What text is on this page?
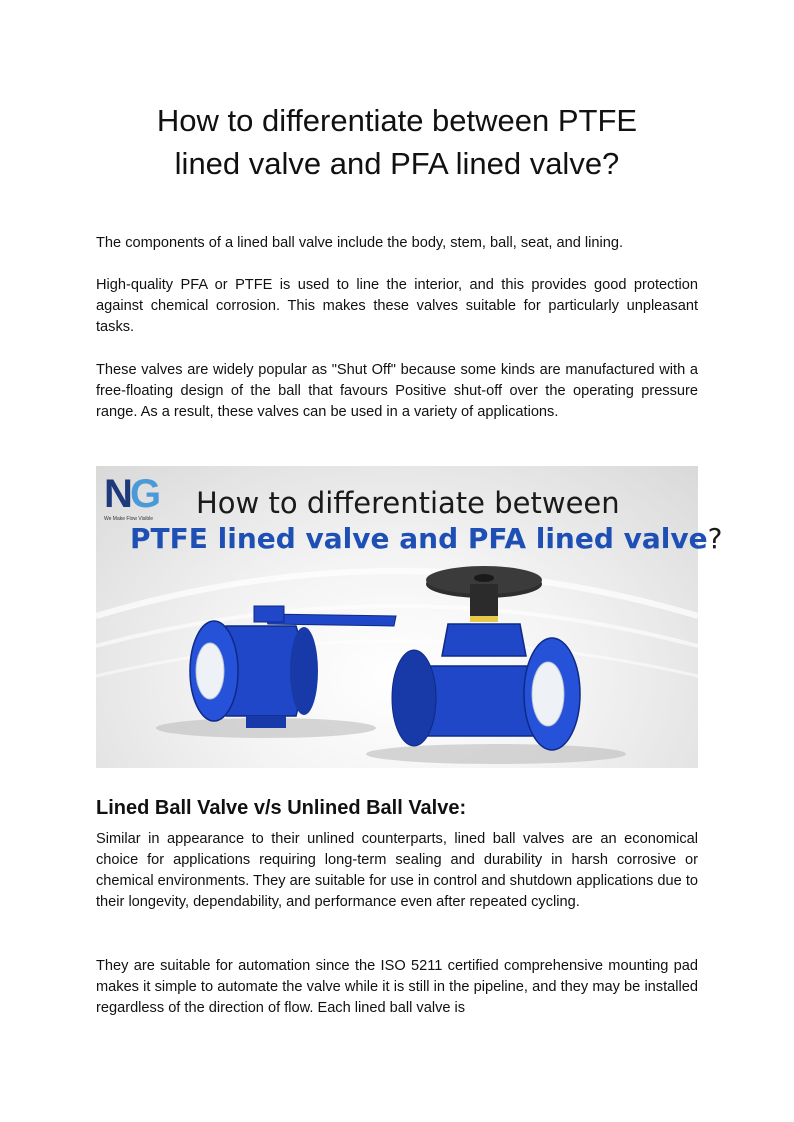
How to differentiate between PTFE
lined valve and PFA lined valve?

The components of a lined ball valve include the body, stem, ball, seat, and lining.

High-quality PFA or PTFE is used to line the interior, and this provides good protection against chemical corrosion. This makes these valves suitable for particularly unpleasant tasks.

These valves are widely popular as "Shut Off" because some kinds are manufactured with a free-floating design of the ball that favours Positive shut-off over the operating pressure range. As a result, these valves can be used in a variety of applications.

N
G
We Make Flow Visible How to differentiate between
PTFE lined valve and PFA lined valve?
Lined Ball Valve v/s Unlined Ball Valve:

Similar in appearance to their unlined counterparts, lined ball valves are an economical choice for applications requiring long-term sealing and durability in harsh corrosive or chemical environments. They are suitable for use in control and shutdown applications due to their longevity, dependability, and performance even after repeated cycling.

They are suitable for automation since the ISO 5211 certified comprehensive mounting pad makes it simple to automate the valve while it is still in the pipeline, and they may be installed regardless of the direction of flow. Each lined ball valve is
